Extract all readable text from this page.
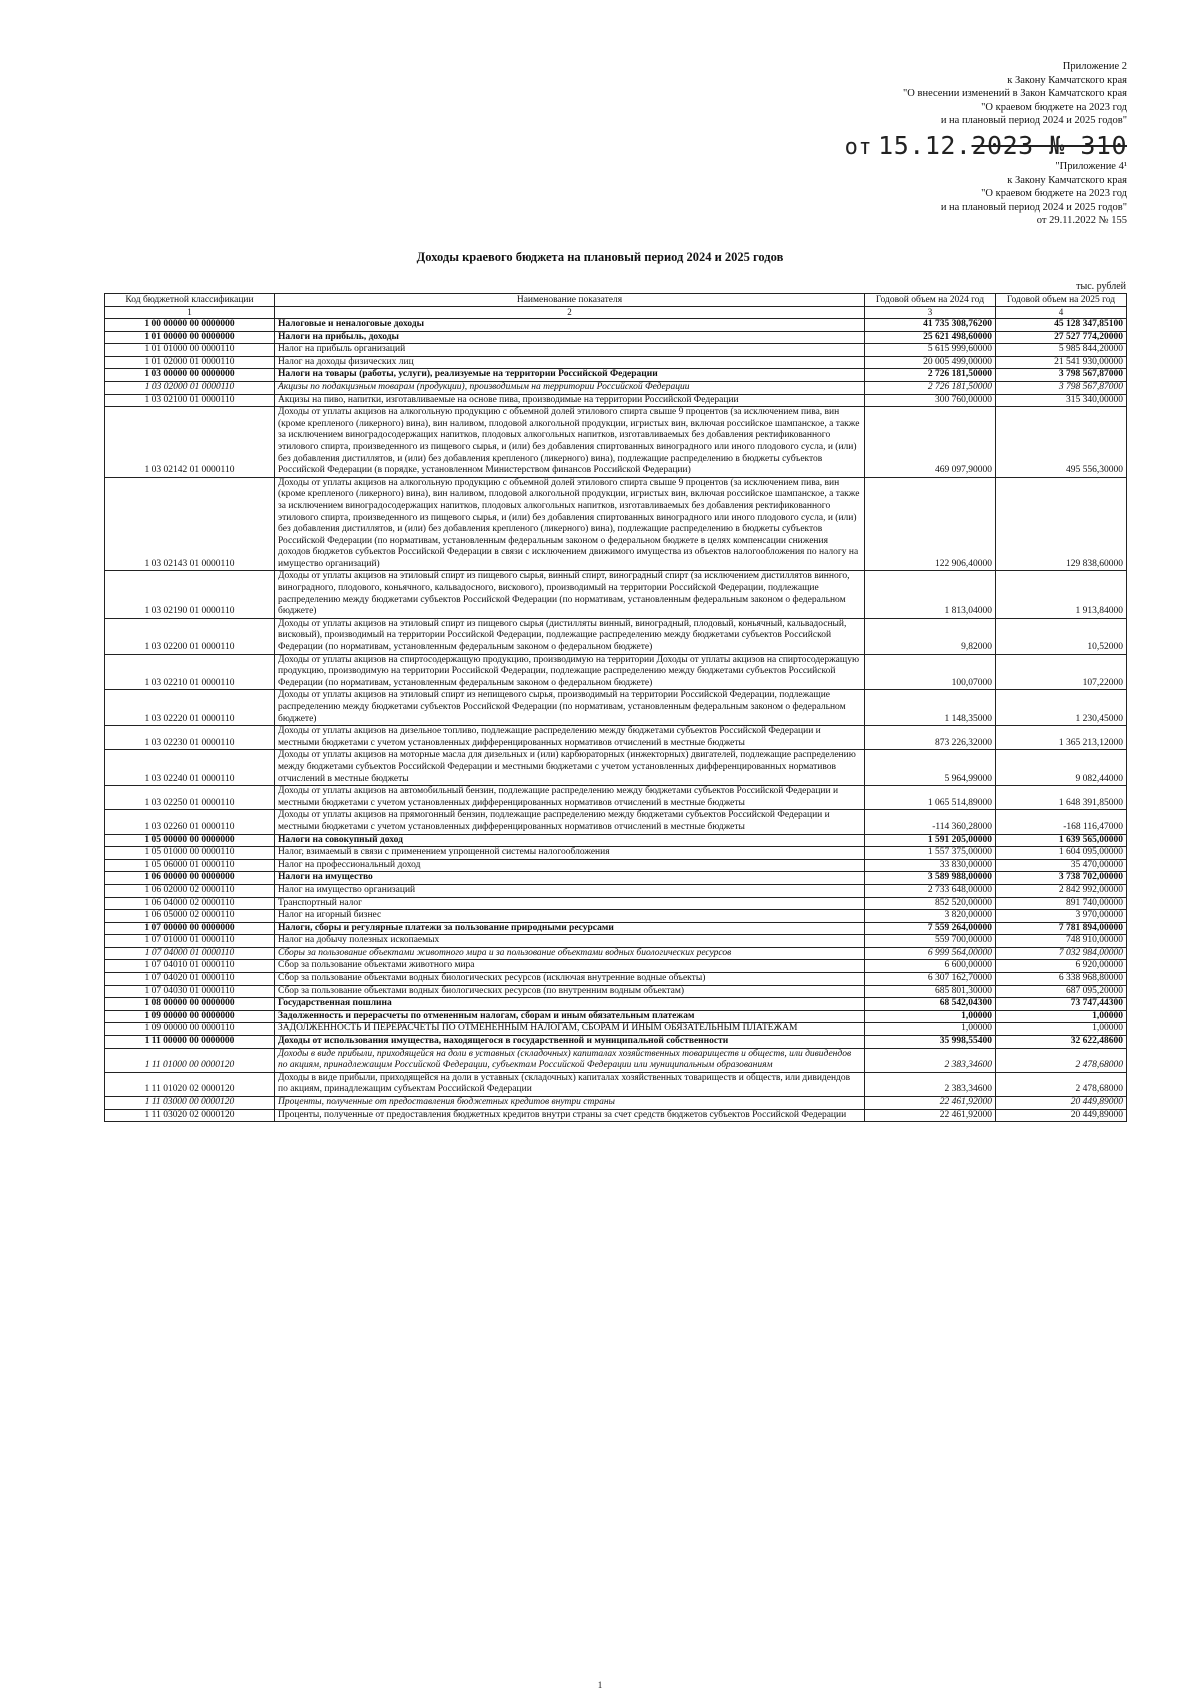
Приложение 2
к Закону Камчатского края
"О внесении изменений в Закон Камчатского края
"О краевом бюджете на 2023 год
и на плановый период 2024 и 2025 годов"
от 15.12.2023 № 310
"Приложение 4¹
к Закону Камчатского края
"О краевом бюджете на 2023 год
и на плановый период 2024 и 2025 годов"
от 29.11.2022 № 155
Доходы краевого бюджета на плановый период 2024 и 2025 годов
тыс. рублей
Код бюджетной классификации	Наименование показателя	Годовой объем на 2024 год	Годовой объем на 2025 год
1	2	3	4
1 00 00000 00 0000000	Налоговые и неналоговые доходы	41 735 308,76200	45 128 347,85100
1 01 00000 00 0000000	Налоги на прибыль, доходы	25 621 498,60000	27 527 774,20000
1 01 01000 00 0000110	Налог на прибыль организаций	5 615 999,60000	5 985 844,20000
1 01 02000 01 0000110	Налог на доходы физических лиц	20 005 499,00000	21 541 930,00000
1 03 00000 00 0000000	Налоги на товары (работы, услуги), реализуемые на территории Российской Федерации	2 726 181,50000	3 798 567,87000
1 03 02000 01 0000110	Акцизы по подакцизным товарам (продукции), производимым на территории Российской Федерации	2 726 181,50000	3 798 567,87000
1 03 02100 01 0000110	Акцизы на пиво, напитки, изготавливаемые на основе пива, производимые на территории Российской Федерации	300 760,00000	315 340,00000
1 03 02142 01 0000110	Доходы от уплаты акцизов на алкогольную продукцию с объемной долей этилового спирта свыше 9 процентов (за исключением пива, вин (кроме крепленого (ликерного) вина), вин наливом, плодовой алкогольной продукции, игристых вин, включая российское шампанское, а также за исключением виноградосодержащих напитков, плодовых алкогольных напитков, изготавливаемых без добавления ректификованного этилового спирта, произведенного из пищевого сырья, и (или) без добавления спиртованных виноградного или иного плодового сусла, и (или) без добавления дистиллятов, и (или) без добавления крепленого (ликерного) вина), подлежащие распределению в бюджеты субъектов Российской Федерации (в порядке, установленном Министерством финансов Российской Федерации)	469 097,90000	495 556,30000
1 03 02143 01 0000110	Доходы от уплаты акцизов на алкогольную продукцию с объемной долей этилового спирта свыше 9 процентов (за исключением пива, вин (кроме крепленого (ликерного) вина), вин наливом, плодовой алкогольной продукции, игристых вин, включая российское шампанское, а также за исключением виноградосодержащих напитков, плодовых алкогольных напитков, изготавливаемых без добавления ректификованного этилового спирта, произведенного из пищевого сырья, и (или) без добавления спиртованных виноградного или иного плодового сусла, и (или) без добавления дистиллятов, и (или) без добавления крепленого (ликерного) вина), подлежащие распределению в бюджеты субъектов Российской Федерации (по нормативам, установленным федеральным законом о федеральном бюджете в целях компенсации снижения доходов бюджетов субъектов Российской Федерации в связи с исключением движимого имущества из объектов налогообложения по налогу на имущество организаций)	122 906,40000	129 838,60000
1 03 02190 01 0000110	Доходы от уплаты акцизов на этиловый спирт из пищевого сырья, винный спирт, виноградный спирт (за исключением дистиллятов винного, виноградного, плодового, коньячного, кальвадосного, вискового), производимый на территории Российской Федерации, подлежащие распределению между бюджетами субъектов Российской Федерации (по нормативам, установленным федеральным законом о федеральном бюджете)	1 813,04000	1 913,84000
1 03 02200 01 0000110	Доходы от уплаты акцизов на этиловый спирт из пищевого сырья (дистилляты винный, виноградный, плодовый, коньячный, кальвадосный, висковый), производимый на территории Российской Федерации, подлежащие распределению между бюджетами субъектов Российской Федерации (по нормативам, установленным федеральным законом о федеральном бюджете)	9,82000	10,52000
1 03 02210 01 0000110	Доходы от уплаты акцизов на спиртосодержащую продукцию, производимую на территории Доходы от уплаты акцизов на спиртосодержащую продукцию, производимую на территории Российской Федерации, подлежащие распределению между бюджетами субъектов Российской Федерации (по нормативам, установленным федеральным законом о федеральном бюджете)	100,07000	107,22000
1 03 02220 01 0000110	Доходы от уплаты акцизов на этиловый спирт из непищевого сырья, производимый на территории Российской Федерации, подлежащие распределению между бюджетами субъектов Российской Федерации (по нормативам, установленным федеральным законом о федеральном бюджете)	1 148,35000	1 230,45000
1 03 02230 01 0000110	Доходы от уплаты акцизов на дизельное топливо, подлежащие распределению между бюджетами субъектов Российской Федерации и местными бюджетами с учетом установленных дифференцированных нормативов отчислений в местные бюджеты	873 226,32000	1 365 213,12000
1 03 02240 01 0000110	Доходы от уплаты акцизов на моторные масла для дизельных и (или) карбюраторных (инжекторных) двигателей, подлежащие распределению между бюджетами субъектов Российской Федерации и местными бюджетами с учетом установленных дифференцированных нормативов отчислений в местные бюджеты	5 964,99000	9 082,44000
1 03 02250 01 0000110	Доходы от уплаты акцизов на автомобильный бензин, подлежащие распределению между бюджетами субъектов Российской Федерации и местными бюджетами с учетом установленных дифференцированных нормативов отчислений в местные бюджеты	1 065 514,89000	1 648 391,85000
1 03 02260 01 0000110	Доходы от уплаты акцизов на прямогонный бензин, подлежащие распределению между бюджетами субъектов Российской Федерации и местными бюджетами с учетом установленных дифференцированных нормативов отчислений в местные бюджеты	-114 360,28000	-168 116,47000
1 05 00000 00 0000000	Налоги на совокупный доход	1 591 205,00000	1 639 565,00000
1 05 01000 00 0000110	Налог, взимаемый в связи с применением упрощенной системы налогообложения	1 557 375,00000	1 604 095,00000
1 05 06000 01 0000110	Налог на профессиональный доход	33 830,00000	35 470,00000
1 06 00000 00 0000000	Налоги на имущество	3 589 988,00000	3 738 702,00000
1 06 02000 02 0000110	Налог на имущество организаций	2 733 648,00000	2 842 992,00000
1 06 04000 02 0000110	Транспортный налог	852 520,00000	891 740,00000
1 06 05000 02 0000110	Налог на игорный бизнес	3 820,00000	3 970,00000
1 07 00000 00 0000000	Налоги, сборы и регулярные платежи за пользование природными ресурсами	7 559 264,00000	7 781 894,00000
1 07 01000 01 0000110	Налог на добычу полезных ископаемых	559 700,00000	748 910,00000
1 07 04000 01 0000110	Сборы за пользование объектами животного мира и за пользование объектами водных биологических ресурсов	6 999 564,00000	7 032 984,00000
1 07 04010 01 0000110	Сбор за пользование объектами животного мира	6 600,00000	6 920,00000
1 07 04020 01 0000110	Сбор за пользование объектами водных биологических ресурсов (исключая внутренние водные объекты)	6 307 162,70000	6 338 968,80000
1 07 04030 01 0000110	Сбор за пользование объектами водных биологических ресурсов (по внутренним водным объектам)	685 801,30000	687 095,20000
1 08 00000 00 0000000	Государственная пошлина	68 542,04300	73 747,44300
1 09 00000 00 0000000	Задолженность и перерасчеты по отмененным налогам, сборам и иным обязательным платежам	1,00000	1,00000
1 09 00000 00 0000110	ЗАДОЛЖЕННОСТЬ И ПЕРЕРАСЧЕТЫ ПО ОТМЕНЕННЫМ НАЛОГАМ, СБОРАМ И ИНЫМ ОБЯЗАТЕЛЬНЫМ ПЛАТЕЖАМ	1,00000	1,00000
1 11 00000 00 0000000	Доходы от использования имущества, находящегося в государственной и муниципальной собственности	35 998,55400	32 622,48600
1 11 01000 00 0000120	Доходы в виде прибыли, приходящейся на доли в уставных (складочных) капиталах хозяйственных товариществ и обществ, или дивидендов по акциям, принадлежащим Российской Федерации, субъектам Российской Федерации или муниципальным образованиям	2 383,34600	2 478,68000
1 11 01020 02 0000120	Доходы в виде прибыли, приходящейся на доли в уставных (складочных) капиталах хозяйственных товариществ и обществ, или дивидендов по акциям, принадлежащим субъектам Российской Федерации	2 383,34600	2 478,68000
1 11 03000 00 0000120	Проценты, полученные от предоставления бюджетных кредитов внутри страны	22 461,92000	20 449,89000
1 11 03020 02 0000120	Проценты, полученные от предоставления бюджетных кредитов внутри страны за счет средств бюджетов субъектов Российской Федерации	22 461,92000	20 449,89000
1
